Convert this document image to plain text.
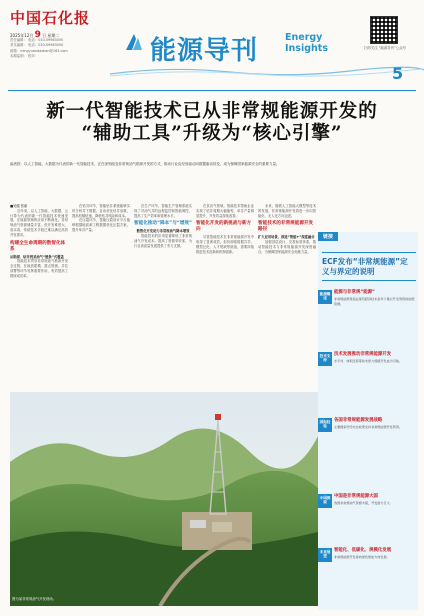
中国石化报
2025年12月 9 日 星期二
责任编辑： 电话：010-59963050
美术编辑： 电话：010-59963050
邮箱：nengyuandaokan@163.com
本期监制： 校对：	能源导刊	Energy
Insights	扫码关注 “能源导刊”公众号
5
新一代智能技术已从非常规能源开发的
“辅助工具”升级为“核心引擎”
编者按：以人工智能、大数据为代表的新一代智能技术，正在深刻改变非常规油气勘探开发的方式，推动行业由经验驱动向数据驱动转变，成为保障国家能源安全的重要力量。
■吴健 张丽

近年来，以人工智能、大数据、云计算为代表的新一代智能技术快速发展，在能源领域的应用不断深化。非常规油气资源储量丰富，但开发难度大、成本高，传统技术手段已难以满足高效开发需求。

构建全生命周期的数智化体系
从勘探、钻井到采油气“链条”式覆盖

智能技术贯穿非常规油气勘探开发全过程，在地质建模、甜点预测、井位部署等环节发挥重要作用，有效提高了勘探成功率。

在钻井环节，智能钻井系统能够实时分析井下数据，自动优化钻井参数，提高机械钻速，降低钻井风险和成本。

在压裂环节，智能压裂设计平台能够根据地质和工程数据优化压裂方案，提升单井产量。

在生产环节，智能生产管理系统实现了对油气井的远程监控和智能调控，提高了生产效率和管理水平。

智能化推动“降本”与“增效”
数智化开发助力非常规油气降本增效

智能技术的应用显著降低了非常规油气开发成本，提高了资源采收率，为行业高质量发展提供了有力支撑。

在页岩气领域，智能技术帮助企业实现了钻井周期大幅缩短、单井产量明显提升，开发效益持续改善。

智能化开发的新挑战与新方向

尽管智能技术在非常规能源开发中取得了显著成效，但仍面临数据共享、模型泛化、人才短缺等挑战，需要持续推进技术创新和机制创新。

未来，随着人工智能大模型等技术的发展，非常规能源开发将进一步向智能化、无人化方向迈进。

智能技术的非常规能源开发路径
扩大应用场景，推进“智能+”深度融合

加强顶层设计，完善标准体系，推动智能技术与非常规能源开发深度融合，为保障国家能源安全贡献力量。

图为某非常规油气开发现场。
链接
ECF发布“非常规能源”定义与界定的说明
能源概述
能源与非常规“能源”
非常规能源是指在现有经济技术条件下难以开发利用的能源资源。
技术支持
技术发展推动非常规能源开发
水平井、体积压裂等技术使大规模开发成为可能。
国际经验
各国非常规能源发展战略
主要国家纷纷出台政策支持非常规能源开发利用。
中国探索
中国是非常规能源大国
我国非常规油气资源丰富，开发潜力巨大。
未来展望
智能化、低碳化、规模化发展
非常规能源开发将向绿色智能方向发展。
